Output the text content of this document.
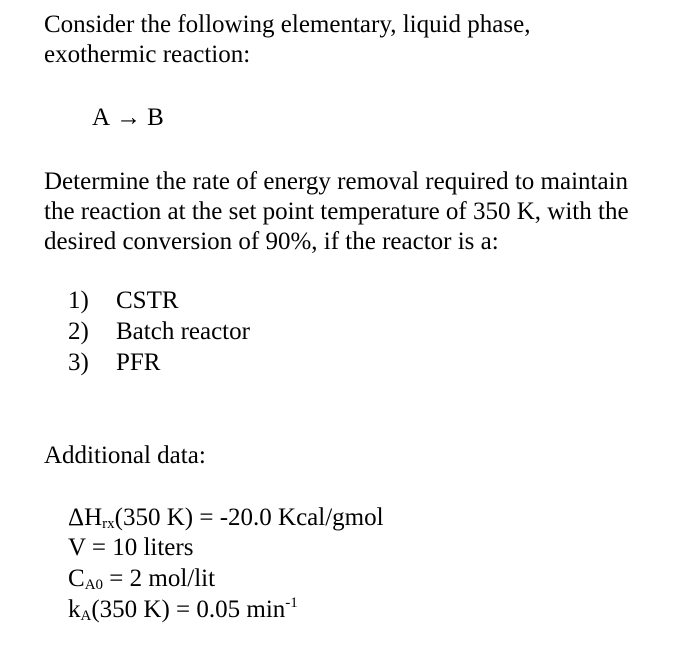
Consider the following elementary, liquid phase,
exothermic reaction:
A → B
Determine the rate of energy removal required to maintain
the reaction at the set point temperature of 350 K, with the
desired conversion of 90%, if the reactor is a:
1) CSTR
2) Batch reactor
3) PFR
Additional data:
ΔHrx(350 K) = -20.0 Kcal/gmol
V = 10 liters
CA0 = 2 mol/lit
kA(350 K) = 0.05 $\min^{-1}$
